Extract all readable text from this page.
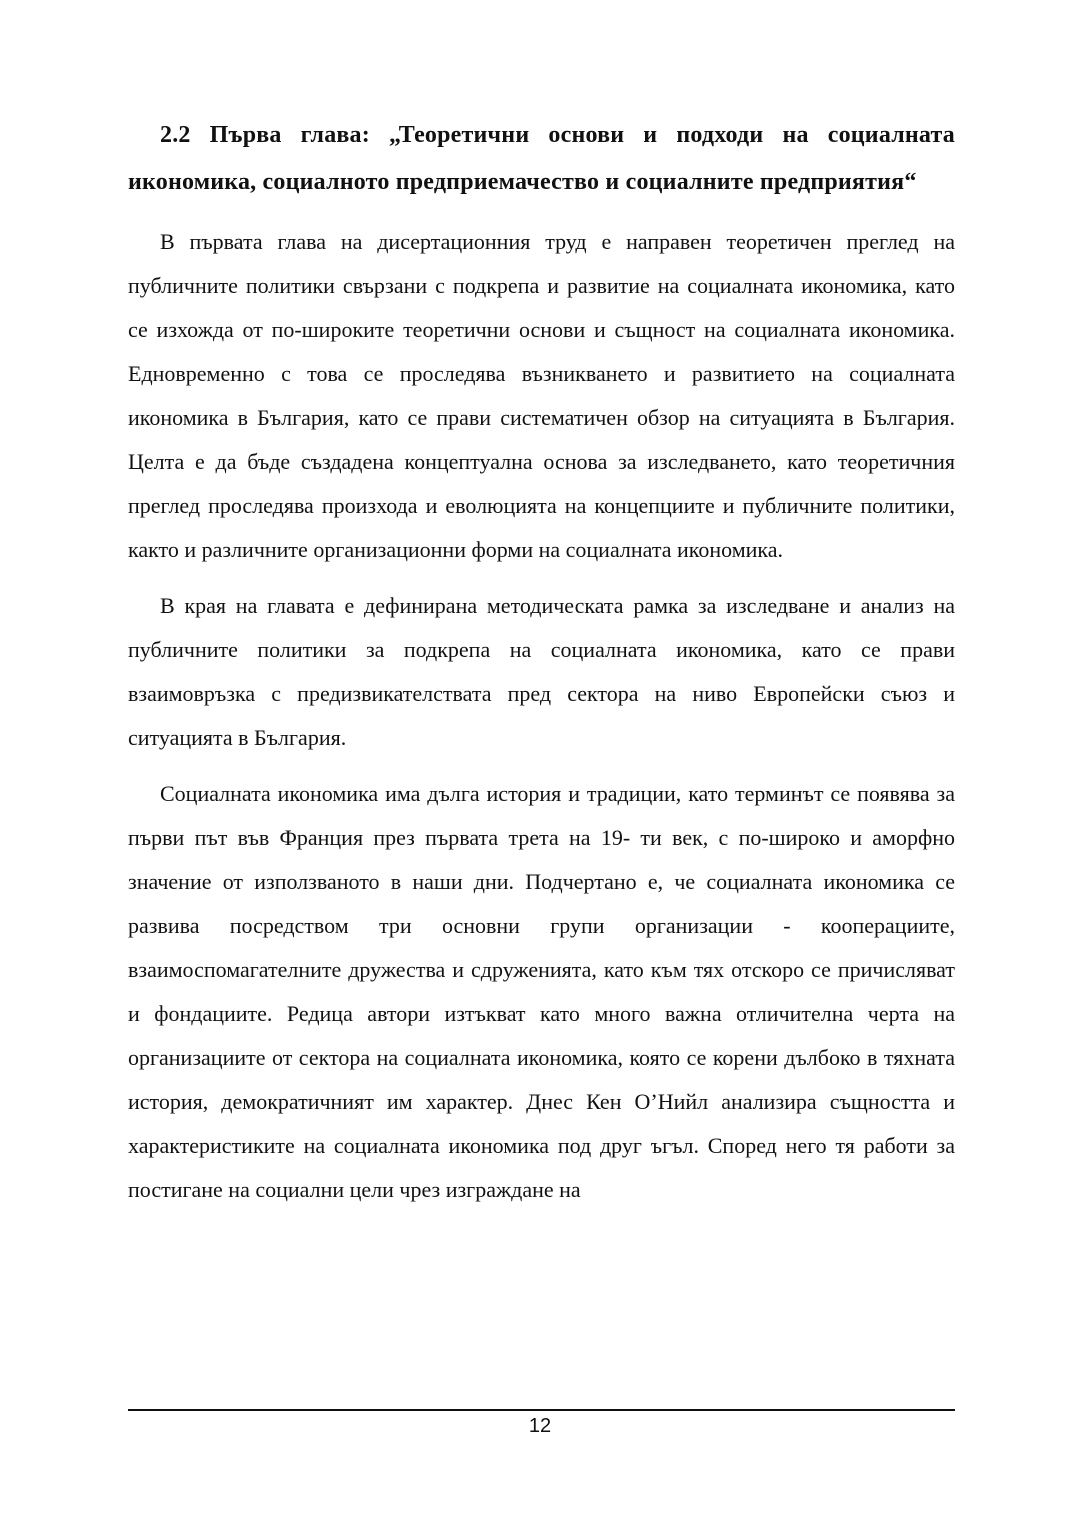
2.2 Първа глава: „Теоретични основи и подходи на социалната икономика, социалното предприемачество и социалните предприятия“

В първата глава на дисертационния труд е направен теоретичен преглед на публичните политики свързани с подкрепа и развитие на социалната икономика, като се изхожда от по-широките теоретични основи и същност на социалната икономика. Едновременно с това се проследява възникването и развитието на социалната икономика в България, като се прави систематичен обзор на ситуацията в България. Целта е да бъде създадена концептуална основа за изследването, като теоретичния преглед проследява произхода и еволюцията на концепциите и публичните политики, както и различните организационни форми на социалната икономика.

В края на главата е дефинирана методическата рамка за изследване и анализ на публичните политики за подкрепа на социалната икономика, като се прави взаимовръзка с предизвикателствата пред сектора на ниво Европейски съюз и ситуацията в България.

Социалната икономика има дълга история и традиции, като терминът се появява за първи път във Франция през първата трета на 19- ти век, с по-широко и аморфно значение от използваното в наши дни. Подчертано е, че социалната икономика се развива посредством три основни групи организации - кооперациите, взаимоспомагателните дружества и сдруженията, като към тях отскоро се причисляват и фондациите. Редица автори изтъкват като много важна отличителна черта на организациите от сектора на социалната икономика, която се корени дълбоко в тяхната история, демократичният им характер. Днес Кен О’Нийл анализира същността и характеристиките на социалната икономика под друг ъгъл. Според него тя работи за постигане на социални цели чрез изграждане на

12
